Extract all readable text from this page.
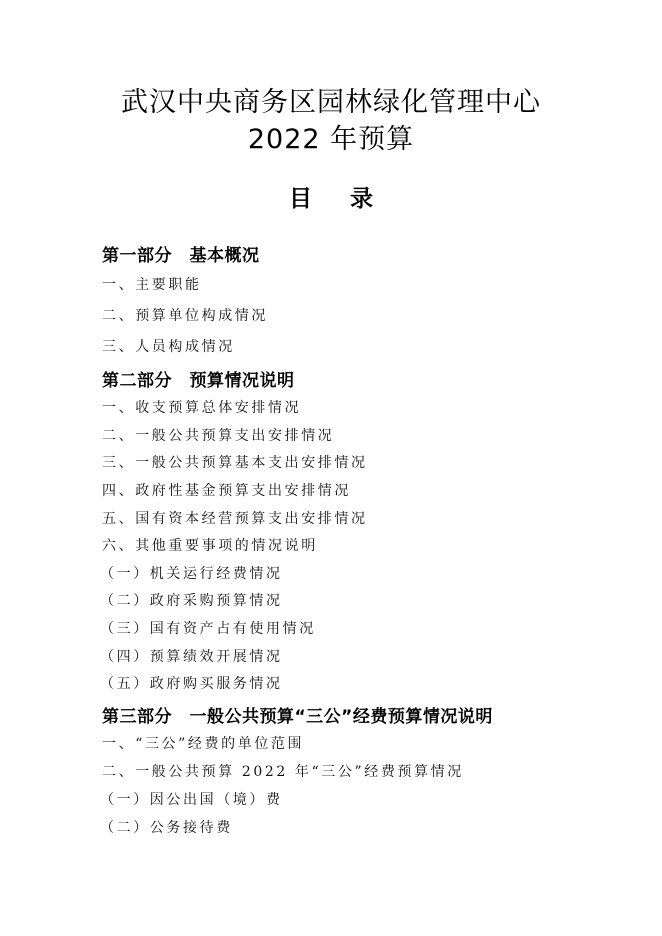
武汉中央商务区园林绿化管理中心
2022 年预算
目 录
第一部分　基本概况
一、主要职能
二、预算单位构成情况
三、人员构成情况
第二部分　预算情况说明
一、收支预算总体安排情况
二、一般公共预算支出安排情况
三、一般公共预算基本支出安排情况
四、政府性基金预算支出安排情况
五、国有资本经营预算支出安排情况
六、其他重要事项的情况说明
（一）机关运行经费情况
（二）政府采购预算情况
（三）国有资产占有使用情况
（四）预算绩效开展情况
（五）政府购买服务情况
第三部分　一般公共预算“三公”经费预算情况说明
一、“三公”经费的单位范围
二、一般公共预算 2022 年“三公”经费预算情况
（一）因公出国（境）费
（二）公务接待费
